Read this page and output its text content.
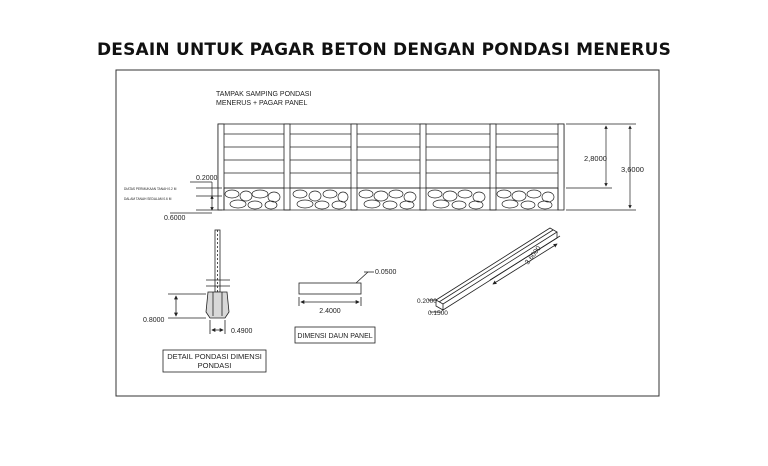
DESAIN UNTUK PAGAR BETON DENGAN PONDASI MENERUS
TAMPAK SAMPING PONDASI
MENERUS + PAGAR PANEL
2,8000
3,6000
0.2000
0.6000
DIATAS PERMUKAAN TANAH 0.2 M
DALAM TANAH SEDALAM 0.6 M
0.8000
0.4900
DETAIL PONDASI DIMENSI
PONDASI
0.0500
2.4000
DIMENSI DAUN PANEL
3.6000
0.2000
0.1500
